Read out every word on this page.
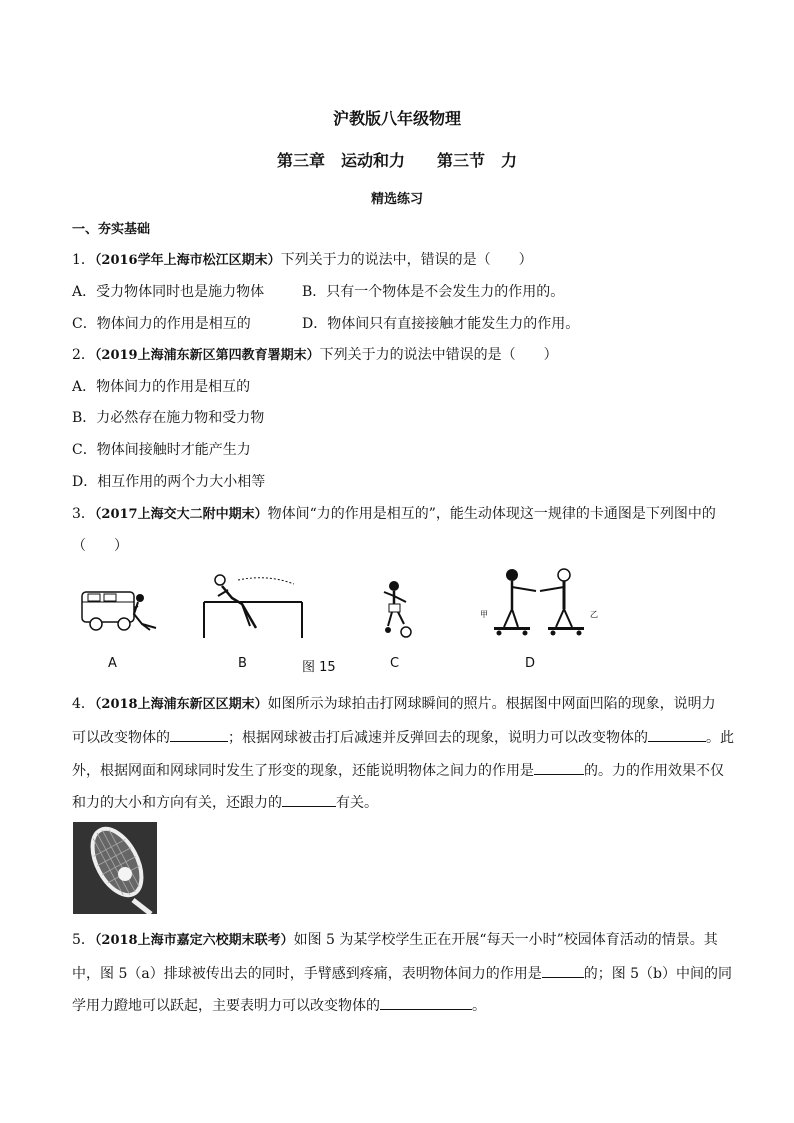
沪教版八年级物理
第三章　运动和力　　第三节　力
精选练习
一、夯实基础
1．（2016学年上海市松江区期末）下列关于力的说法中，错误的是（　　）
A．受力物体同时也是施力物体	B．只有一个物体是不会发生力的作用的。
C．物体间力的作用是相互的	D．物体间只有直接接触才能发生力的作用。
2．（2019上海浦东新区第四教育署期末）下列关于力的说法中错误的是（　　）
A．物体间力的作用是相互的
B．力必然存在施力物和受力物
C．物体间接触时才能产生力
D．相互作用的两个力大小相等
3．（2017上海交大二附中期末）物体间“力的作用是相互的”，能生动体现这一规律的卡通图是下列图中的
（　　）
甲	乙
A	B	图 15	C	D
4．（2018上海浦东新区区期末）如图所示为球拍击打网球瞬间的照片。根据图中网面凹陷的现象，说明力
可以改变物体的	；根据网球被击打后减速并反弹回去的现象，说明力可以改变物体的	。此
外，根据网面和网球同时发生了形变的现象，还能说明物体之间力的作用是	的。力的作用效果不仅
和力的大小和方向有关，还跟力的	有关。
5．（2018上海市嘉定六校期末联考）如图 5 为某学校学生正在开展“每天一小时”校园体育活动的情景。其
中，图 5（a）排球被传出去的同时，手臂感到疼痛，表明物体间力的作用是	的；图 5（b）中间的同
学用力蹬地可以跃起，主要表明力可以改变物体的	。
